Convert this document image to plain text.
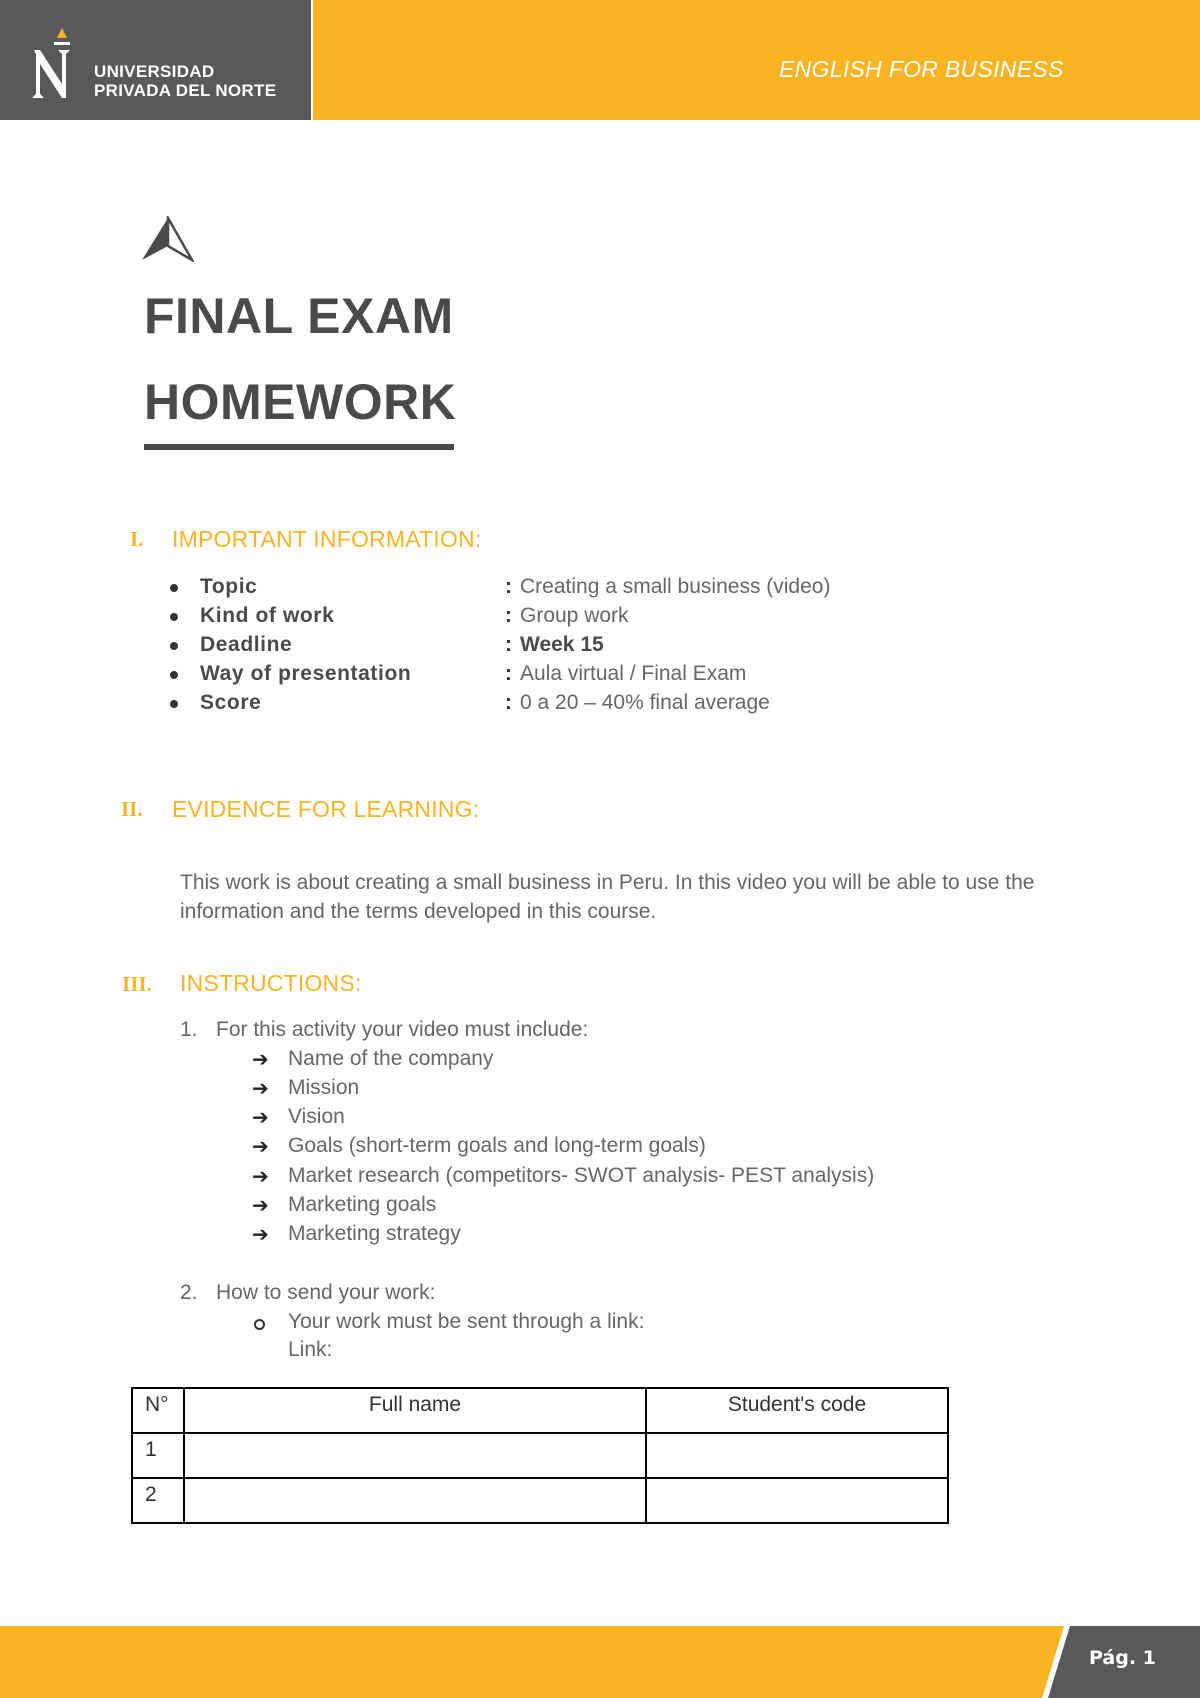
UNIVERSIDAD
PRIVADA DEL NORTE
ENGLISH FOR BUSINESS
FINAL EXAM
HOMEWORK
I. IMPORTANT INFORMATION:
Topic	: Creating a small business (video)
Kind of work	: Group work
Deadline	: Week 15
Way of presentation	: Aula virtual / Final Exam
Score	: 0 a 20 – 40% final average
II. EVIDENCE FOR LEARNING:
This work is about creating a small business in Peru. In this video you will be able to use the information and the terms developed in this course.
III. INSTRUCTIONS:
1. For this activity your video must include:
➔ Name of the company
➔ Mission
➔ Vision
➔ Goals (short-term goals and long-term goals)
➔ Market research (competitors- SWOT analysis- PEST analysis)
➔ Marketing goals
➔ Marketing strategy
2. How to send your work:
Your work must be sent through a link:
Link:
N°	Full name	Student's code
1		
2		
Pág. 1
